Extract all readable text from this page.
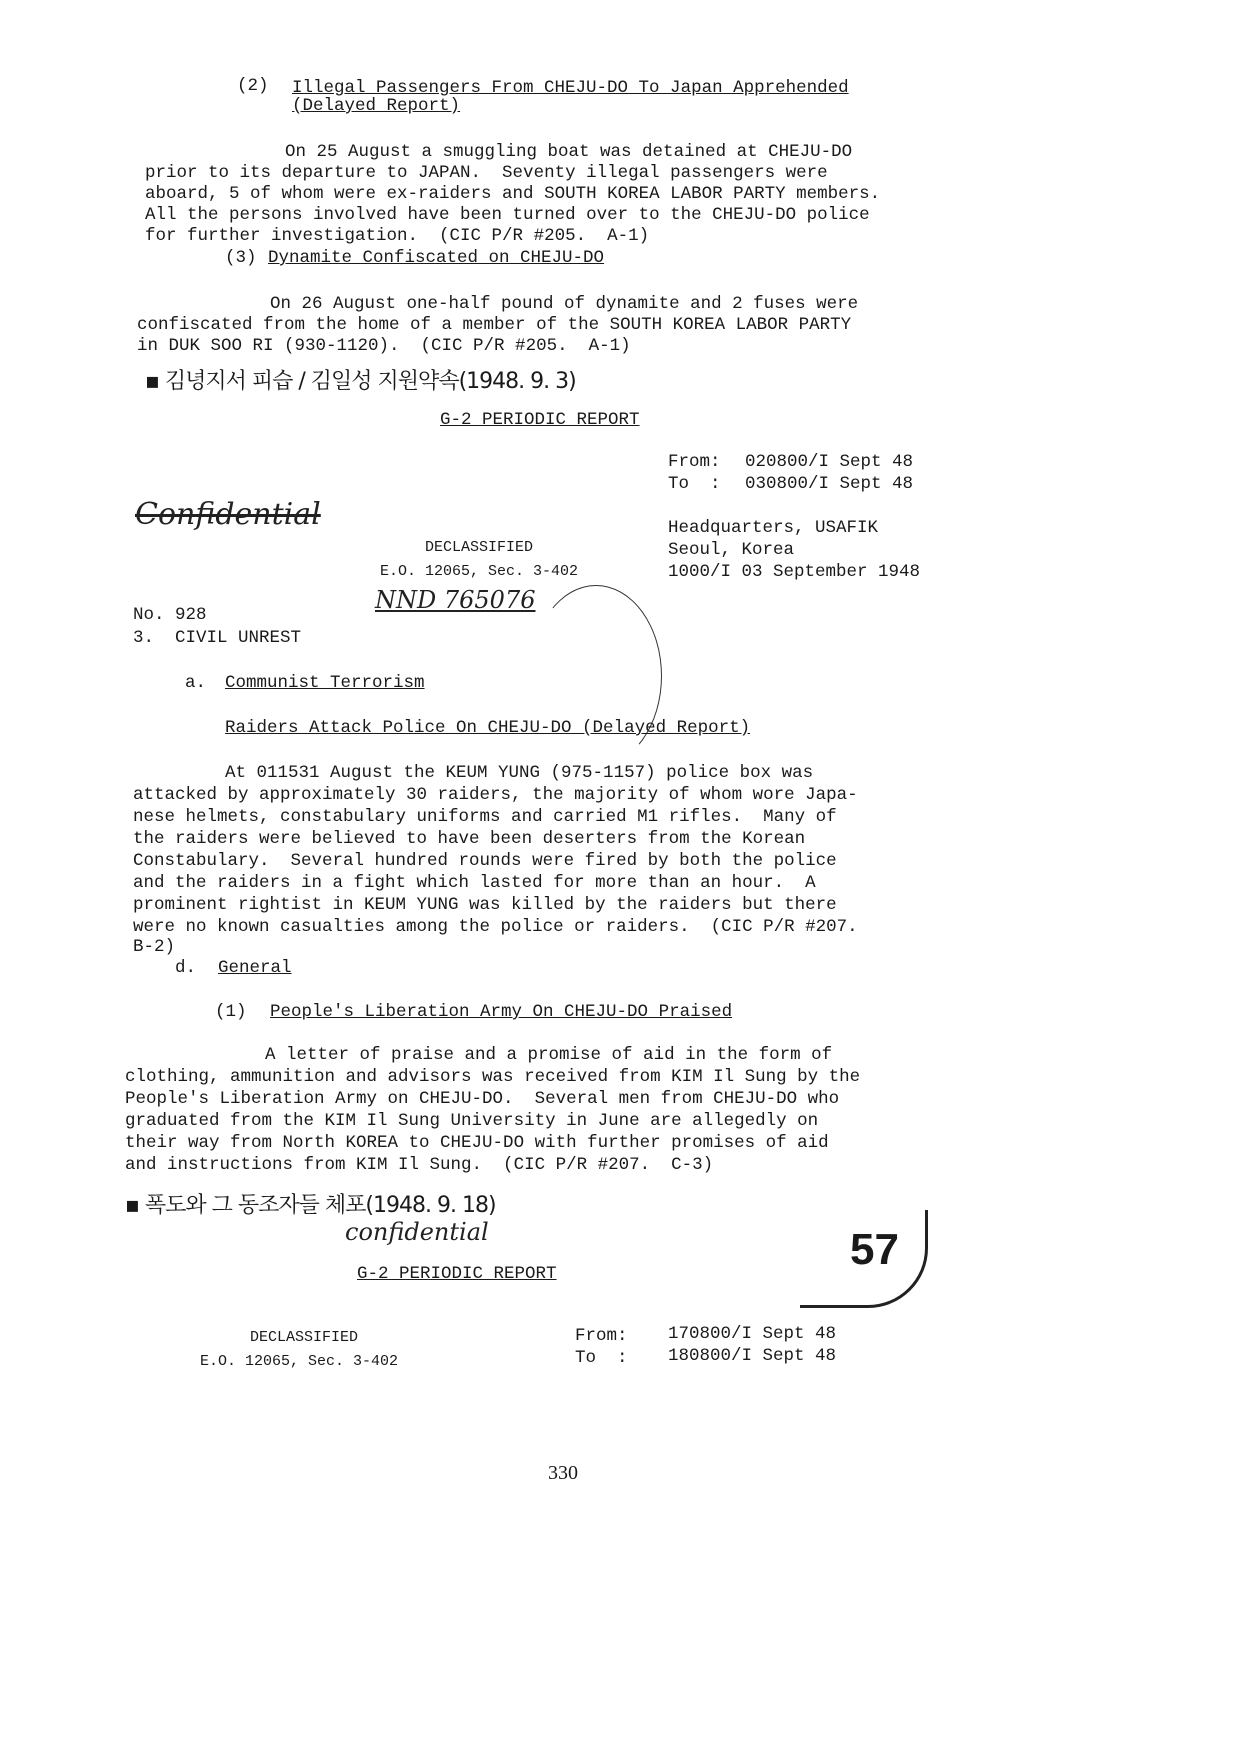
(2) Illegal Passengers From CHEJU-DO To Japan Apprehended
(Delayed Report)
On 25 August a smuggling boat was detained at CHEJU-DO
prior to its departure to JAPAN.  Seventy illegal passengers were
aboard, 5 of whom were ex-raiders and SOUTH KOREA LABOR PARTY members.
All the persons involved have been turned over to the CHEJU-DO police
for further investigation.  (CIC P/R #205.  A-1)
(3) Dynamite Confiscated on CHEJU-DO
On 26 August one-half pound of dynamite and 2 fuses were
confiscated from the home of a member of the SOUTH KOREA LABOR PARTY
in DUK SOO RI (930-1120).  (CIC P/R #205.  A-1)
▪ 김녕지서 피습 / 김일성 지원약속(1948. 9. 3)
G-2 PERIODIC REPORT
From: 020800/I Sept 48
To  : 030800/I Sept 48
Headquarters, USAFIK
Seoul, Korea
1000/I 03 September 1948
Confidential
DECLASSIFIED
E.O. 12065, Sec. 3-402
NND 765076
No. 928
3.  CIVIL UNREST
a. Communist Terrorism
Raiders Attack Police On CHEJU-DO (Delayed Report)
At 011531 August the KEUM YUNG (975-1157) police box was
attacked by approximately 30 raiders, the majority of whom wore Japa-
nese helmets, constabulary uniforms and carried M1 rifles.  Many of
the raiders were believed to have been deserters from the Korean
Constabulary.  Several hundred rounds were fired by both the police
and the raiders in a fight which lasted for more than an hour.  A
prominent rightist in KEUM YUNG was killed by the raiders but there
were no known casualties among the police or raiders.  (CIC P/R #207.
B-2)
d. General
(1) People's Liberation Army On CHEJU-DO Praised
A letter of praise and a promise of aid in the form of
clothing, ammunition and advisors was received from KIM Il Sung by the
People's Liberation Army on CHEJU-DO.  Several men from CHEJU-DO who
graduated from the KIM Il Sung University in June are allegedly on
their way from North KOREA to CHEJU-DO with further promises of aid
and instructions from KIM Il Sung.  (CIC P/R #207.  C-3)
▪ 폭도와 그 동조자들 체포(1948. 9. 18)
confidential
G-2 PERIODIC REPORT	57
DECLASSIFIED
E.O. 12065, Sec. 3-402
From: 170800/I Sept 48
To  : 180800/I Sept 48
330
